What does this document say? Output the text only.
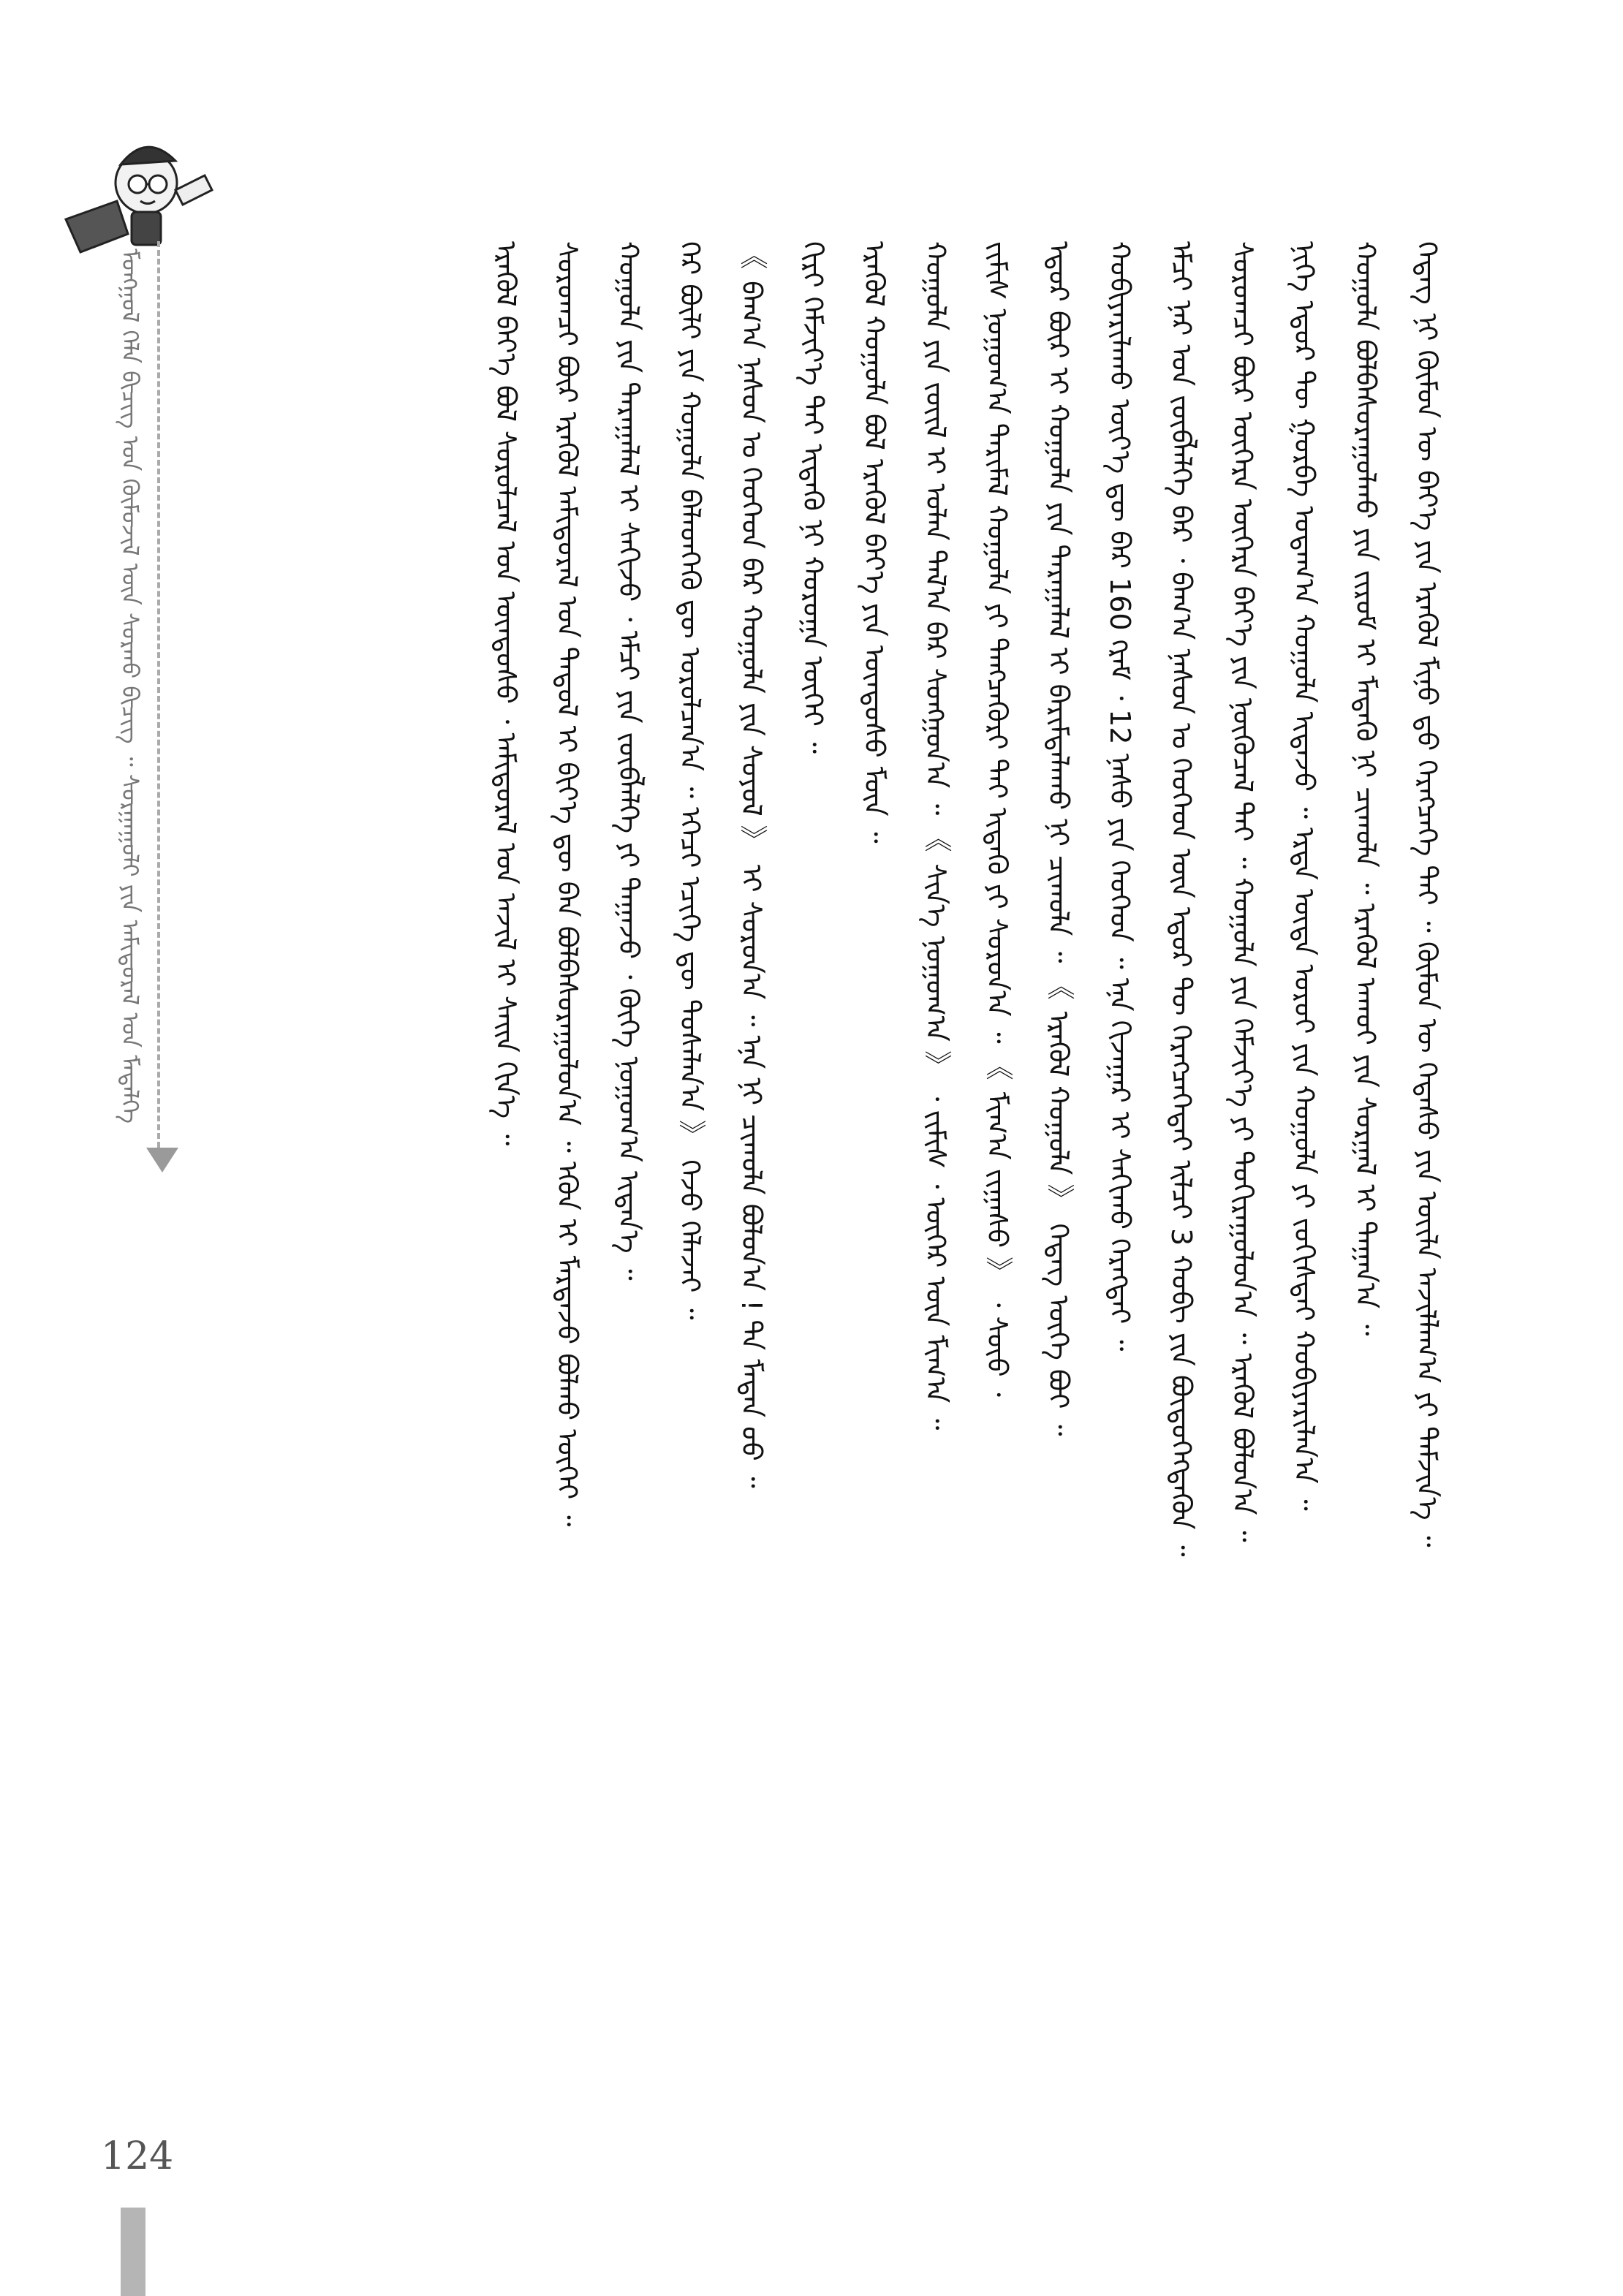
ᠮᠣᠩᠭᠣᠯ ᠬᠡᠯᠡ ᠪᠢᠴᠢᠭ᠌ ᠤᠨ ᠬᠦᠮᠦᠵᠢᠯ ᠦᠨ ᠰᠤᠷᠬᠤ ᠪᠢᠴᠢᠭ ᠃ ᠰᠤᠷᠭᠠᠭᠤᠯᠢ ᠶᠢᠨ ᠠᠮᠢᠳᠤᠷᠠᠯ ᠤᠨ ᠮᠡᠳᠡᠯᠭᠡ	ᠭᠡᠳᠡᠭ ᠨᠢ ᠬᠦᠮᠦᠨ ᠦ ᠪᠡᠶ᠎ᠡ ᠶᠢᠨ ᠡᠷᠡᠭᠦᠯ ᠮᠢᠨᠤ ᠳ᠋ᠤ ᠬᠡᠷᠡᠭᠴᠡᠭᠡ ᠲᠡᠢ ᠃ ᠬᠦᠮᠦᠨ ᠦ ᠭᠡᠳᠡᠰᠦ ᠶᠢᠨ ᠦᠢᠯᠡ ᠠᠵᠢᠯᠯᠠᠭ᠎ᠠ ᠶᠢ ᠳᠡᠮᠵᠢᠨ᠎ᠡ ᠃
ᠬᠣᠭᠣᠯᠠ ᠪᠣᠯᠪᠠᠰᠤᠷᠠᠭᠤᠯᠬᠤ ᠶᠢᠨ ᠵᠢᠷᠤᠮ ᠢ ᠮᠡᠳᠡᠬᠦ ᠨᠢ ᠴᠢᠬᠤᠯᠠ ᠃ ᠡᠷᠡᠭᠦᠯ ᠠᠬᠤᠢ ᠶᠢᠨ ᠰᠤᠷᠭᠠᠯ ᠢ ᠳᠠᠭᠠᠨ᠎ᠠ ᠃
ᠨᠢᠭᠡ ᠡᠳᠦᠷ ᠲᠦ ᠭᠤᠷᠪᠠ ᠤᠳᠠᠭ᠎ᠠ ᠬᠣᠭᠣᠯᠠ ᠢᠳᠡᠵᠦ ᠃ ᠡᠷᠲᠡ ᠦᠳᠡ ᠣᠷᠦᠢ ᠶᠢᠨ ᠬᠣᠭᠣᠯᠠ ᠶᠢ ᠵᠣᠬᠢᠰᠲᠠᠢ ᠬᠤᠪᠢᠶᠠᠷᠢᠯᠠᠨ᠎ᠠ ᠃
ᠰᠤᠷᠤᠭᠴᠢ ᠪᠦᠷ ᠦᠭᠡᠷᠡ ᠦᠭᠡᠷᠡ ᠪᠡᠶ᠎ᠡ ᠶᠢᠨ ᠨᠥᠬᠦᠴᠡᠯ ᠲᠡᠢ ᠃ ᠬᠣᠭᠣᠯᠠ ᠶᠢᠨ ᠬᠡᠮᠵᠢᠶ᠎ᠡ ᠶᠢ ᠲᠣᠬᠢᠷᠠᠭᠤᠯᠤᠨ᠎ᠠ ᠃ ᠡᠷᠡᠭᠦᠯ ᠪᠣᠯᠤᠨ᠎ᠠ ᠃
ᠡᠮᠴᠢ ᠨᠠᠷ ᠤᠨ ᠵᠥᠪᠯᠡᠯᠭᠡ ᠪᠡᠷ ᠂ ᠪᠠᠭ᠎ᠠ ᠨᠠᠰᠤᠨ ᠤ ᠬᠡᠦᠬᠡᠳ ᠦᠨ ᠡᠳᠦᠷ ᠲᠦ ᠬᠡᠷᠡᠭᠴᠡᠭᠡᠲᠡᠢ ᠢᠯᠴᠢ 3 ᠬᠤᠪᠢ ᠶᠢᠨ ᠪᠦᠲᠦᠭᠡᠭᠳᠡᠬᠦᠨ ᠃
ᠬᠤᠪᠢᠶᠠᠷᠢᠯᠠᠬᠤ ᠦᠶ᠎ᠡ ᠳᠦ ᠪᠡᠷ 160 ᠭᠷᠠᠮ ᠂ 12 ᠨᠠᠰᠤ ᠶᠢᠨ ᠬᠡᠦᠬᠡᠳ ᠃ ᠡᠨᠡ ᠬᠢᠵᠠᠭᠠᠷ ᠢ ᠰᠠᠬᠢᠬᠤ ᠬᠡᠷᠡᠭᠲᠡᠢ ᠃
ᠡᠳᠦᠷ ᠪᠦᠷ ᠢ ᠬᠣᠭᠣᠯᠠ ᠶᠢᠨ ᠳᠠᠷᠠᠭᠠᠯᠠᠯ ᠢ ᠪᠠᠷᠢᠮᠲᠠᠯᠠᠬᠤ ᠨᠢ ᠴᠢᠬᠤᠯᠠ ᠃ 《 ᠡᠷᠡᠭᠦᠯ ᠬᠣᠭᠣᠯᠠ 》 ᠭᠡᠳᠡᠭ ᠦᠭᠡ ᠪᠣᠢ ᠃
ᠵᠢᠮᠢᠰ ᠨᠣᠭᠣᠭ᠎ᠠ ᠲᠠᠷᠢᠮᠠᠯ ᠬᠣᠭᠣᠯᠠ ᠶᠢ ᠲᠡᠩᠴᠡᠭᠦᠷᠢ ᠲᠠᠢ ᠢᠳᠡᠬᠦ ᠶᠢ ᠰᠤᠷᠤᠨ᠎ᠠ ᠃ 《 ᠮᠢᠬ᠎ᠠ ᠵᠢᠭᠠᠰᠤ 》 ᠂ ᠰᠦᠦ ᠂
ᠬᠣᠭᠣᠯᠠ ᠶᠢᠨ ᠵᠦᠢᠯ ᠢ ᠣᠯᠠᠨ ᠲᠠᠯ᠎ᠠ ᠪᠡᠷ ᠰᠣᠩᠭᠣᠨ᠎ᠠ ᠃ 《 ᠰᠢᠨ᠎ᠡ ᠨᠤᠭᠤᠭ᠎ᠠ 》 ᠂ ᠵᠢᠮᠢᠰ ᠂ ᠦᠬᠡᠷ ᠦᠨ ᠮᠢᠬ᠎ᠠ ᠃
ᠡᠷᠡᠭᠦᠯ ᠬᠣᠭᠣᠯᠠ ᠪᠣᠯ ᠡᠷᠡᠭᠦᠯ ᠪᠡᠶ᠎ᠡ ᠶᠢᠨ ᠦᠨᠳᠦᠰᠦ ᠮᠥᠨ ᠃
ᠬᠢᠷᠢ ᠬᠡᠮᠵᠢᠶ᠎ᠡ ᠲᠡᠢ ᠢᠳᠡᠬᠦ ᠨᠢ ᠬᠣᠷᠤᠭᠠ ᠦᠭᠡᠢ ᠃
《 ᠪᠠᠭ᠎ᠠ ᠨᠠᠰᠤᠨ ᠤ ᠬᠡᠦᠬᠡᠳ ᠪᠡᠷ ᠬᠣᠭᠣᠯᠠ ᠶᠢᠨ ᠰᠣᠶᠤᠯ 》 ᠢ ᠰᠤᠷᠤᠨ᠎ᠠ ᠃ ᠡᠨᠡ ᠨᠢ ᠴᠢᠬᠤᠯᠠ ᠪᠣᠯᠤᠨ᠎ᠠ ! ᠲᠠ ᠮᠡᠳᠡᠨ ᠦᠦ ᠃
ᠭᠡᠷ ᠪᠦᠯᠢ ᠶᠢᠨ ᠬᠣᠭᠣᠯᠠ ᠪᠡᠯᠡᠳᠬᠡᠬᠦ ᠳᠦ ᠣᠷᠣᠯᠴᠠᠨ᠎ᠠ ᠃ ᠡᠭᠡᠴᠢ ᠡᠴᠢᠭᠡ ᠳᠦ ᠲᠤᠰᠠᠯᠠᠨ᠎ᠠ 》 ᠭᠡᠵᠦ ᠬᠡᠯᠡᠵᠡᠢ ᠃
ᠬᠣᠭᠣᠯᠠ ᠶᠢᠨ ᠳᠠᠷᠠᠭᠠᠯᠠᠯ ᠢ ᠰᠠᠬᠢᠵᠤ ᠂ ᠡᠮᠴᠢ ᠶᠢᠨ ᠵᠥᠪᠯᠡᠯᠭᠡ ᠶᠢ ᠳᠠᠭᠠᠵᠤ ᠂ ᠬᠥᠬᠡ ᠨᠣᠭᠣᠭ᠎ᠠ ᠢᠳᠡᠨ᠎ᠡ ᠃
ᠰᠤᠷᠤᠭᠴᠢ ᠪᠦᠷ ᠡᠷᠡᠭᠦᠯ ᠠᠮᠢᠳᠤᠷᠠᠯ ᠤᠨ ᠳᠠᠳᠤᠯ ᠢ ᠪᠢᠶ᠎ᠡ ᠳᠦ ᠪᠠᠨ ᠪᠣᠯᠪᠠᠰᠤᠷᠠᠭᠤᠯᠤᠨ᠎ᠠ ᠃ ᠡᠭᠦᠨ ᠢ ᠮᠠᠷᠲᠠᠵᠤ ᠪᠣᠯᠬᠤ ᠦᠭᠡᠢ ᠃
ᠡᠷᠡᠭᠦᠯ ᠪᠡᠶ᠎ᠡ ᠪᠣᠯ ᠰᠤᠷᠤᠯᠴᠠᠯ ᠤᠨ ᠦᠨᠳᠦᠰᠦ ᠂ ᠠᠮᠢᠳᠤᠷᠠᠯ ᠤᠨ ᠠᠵᠢᠯ ᠢ ᠰᠠᠢᠨ ᠬᠢᠨ᠎ᠡ ᠃
124
